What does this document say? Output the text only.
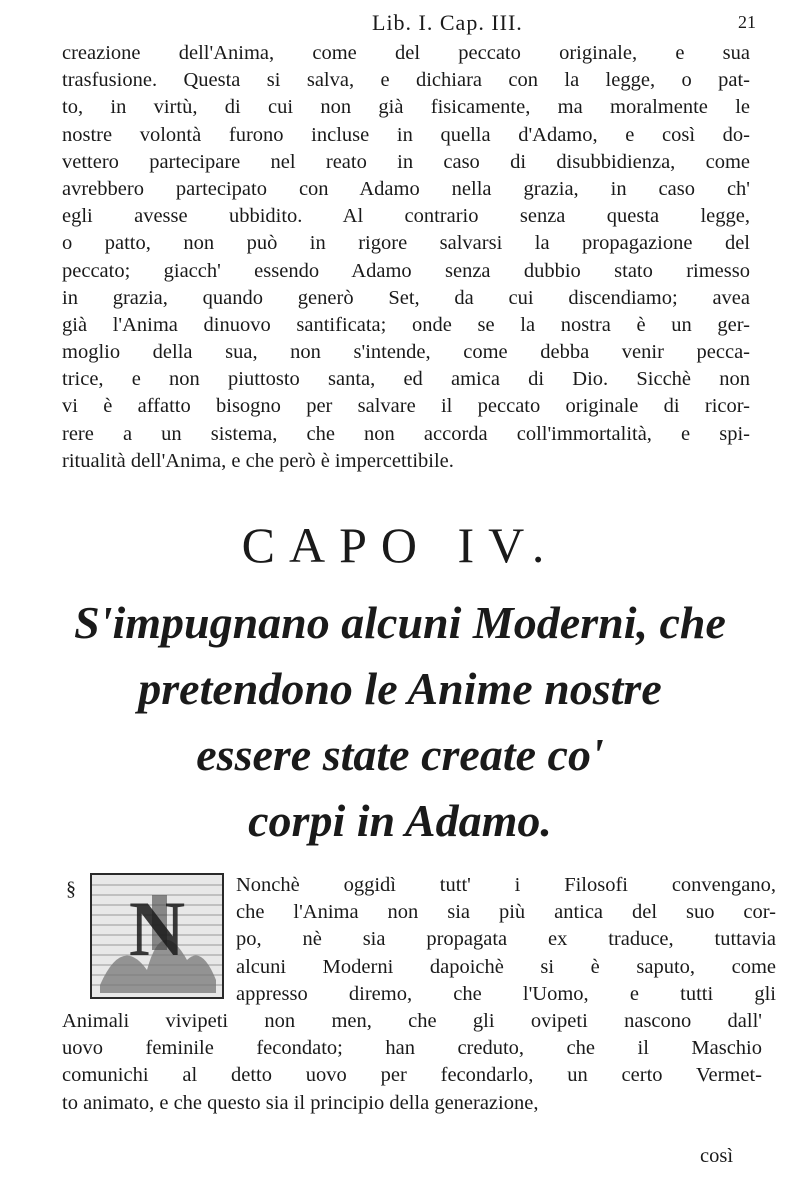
Lib. I. Cap. III.	21
creazione dell'Anima, come del peccato originale, e sua
trasfusione. Questa si salva, e dichiara con la legge, o pat-
to, in virtù, di cui non già fisicamente, ma moralmente le
nostre volontà furono incluse in quella d'Adamo, e così do-
vettero partecipare nel reato in caso di disubbidienza, come
avrebbero partecipato con Adamo nella grazia, in caso ch'
egli avesse ubbidito. Al contrario senza questa legge,
o patto, non può in rigore salvarsi la propagazione del
peccato; giacch' essendo Adamo senza dubbio stato rimesso
in grazia, quando generò Set, da cui discendiamo; avea
già l'Anima dinuovo santificata; onde se la nostra è un ger-
moglio della sua, non s'intende, come debba venir pecca-
trice, e non piuttosto santa, ed amica di Dio. Sicchè non
vi è affatto bisogno per salvare il peccato originale di ricor-
rere a un sistema, che non accorda coll'immortalità, e spi-
ritualità dell'Anima, e che però è impercettibile.
CAPO IV.
S'impugnano alcuni Moderni, che
pretendono le Anime nostre
essere state create co'
corpi in Adamo.
§ N Nonchè oggidì tutt' i Filosofi convengano,
che l'Anima non sia più antica del suo cor-
po, nè sia propagata ex traduce, tuttavia
alcuni Moderni dapoichè si è saputo, come
appresso diremo, che l'Uomo, e tutti gli
Animali vivipeti non men, che gli ovipeti nascono dall'
uovo feminile fecondato; han creduto, che il Maschio
comunichi al detto uovo per fecondarlo, un certo Vermet-
to animato, e che questo sia il principio della generazione,
così
